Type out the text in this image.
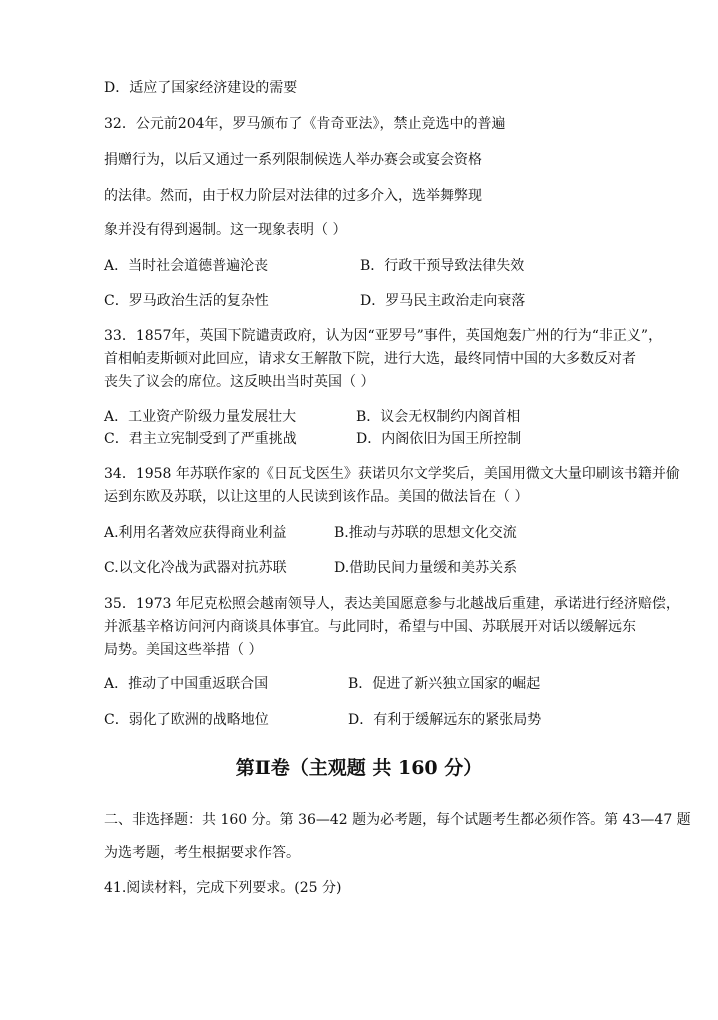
D．适应了国家经济建设的需要
32．公元前204年，罗马颁布了《肯奇亚法》，禁止竞选中的普遍
捐赠行为，以后又通过一系列限制候选人举办赛会或宴会资格
的法律。然而，由于权力阶层对法律的过多介入，选举舞弊现
象并没有得到遏制。这一现象表明（ ）
A．当时社会道德普遍沦丧	B．行政干预导致法律失效
C．罗马政治生活的复杂性	D．罗马民主政治走向衰落
33．1857年，英国下院谴责政府，认为因“亚罗号”事件，英国炮轰广州的行为“非正义”，
首相帕麦斯顿对此回应，请求女王解散下院，进行大选，最终同情中国的大多数反对者
丧失了议会的席位。这反映出当时英国（ ）
A．工业资产阶级力量发展壮大	B．议会无权制约内阁首相
C．君主立宪制受到了严重挑战	D．内阁依旧为国王所控制
34．1958 年苏联作家的《日瓦戈医生》获诺贝尔文学奖后，美国用微文大量印刷该书籍并偷
运到东欧及苏联，以让这里的人民读到该作品。美国的做法旨在（ ）
A.利用名著效应获得商业利益	B.推动与苏联的思想文化交流
C.以文化冷战为武器对抗苏联	D.借助民间力量缓和美苏关系
35．1973 年尼克松照会越南领导人，表达美国愿意参与北越战后重建，承诺进行经济赔偿，
并派基辛格访问河内商谈具体事宜。与此同时，希望与中国、苏联展开对话以缓解远东
局势。美国这些举措（ ）
A．推动了中国重返联合国	B．促进了新兴独立国家的崛起
C．弱化了欧洲的战略地位	D．有利于缓解远东的紧张局势
第Ⅱ卷（主观题 共 160 分）
二、非选择题：共 160 分。第 36—42 题为必考题，每个试题考生都必须作答。第 43—47 题
为选考题，考生根据要求作答。
41.阅读材料，完成下列要求。(25 分)
